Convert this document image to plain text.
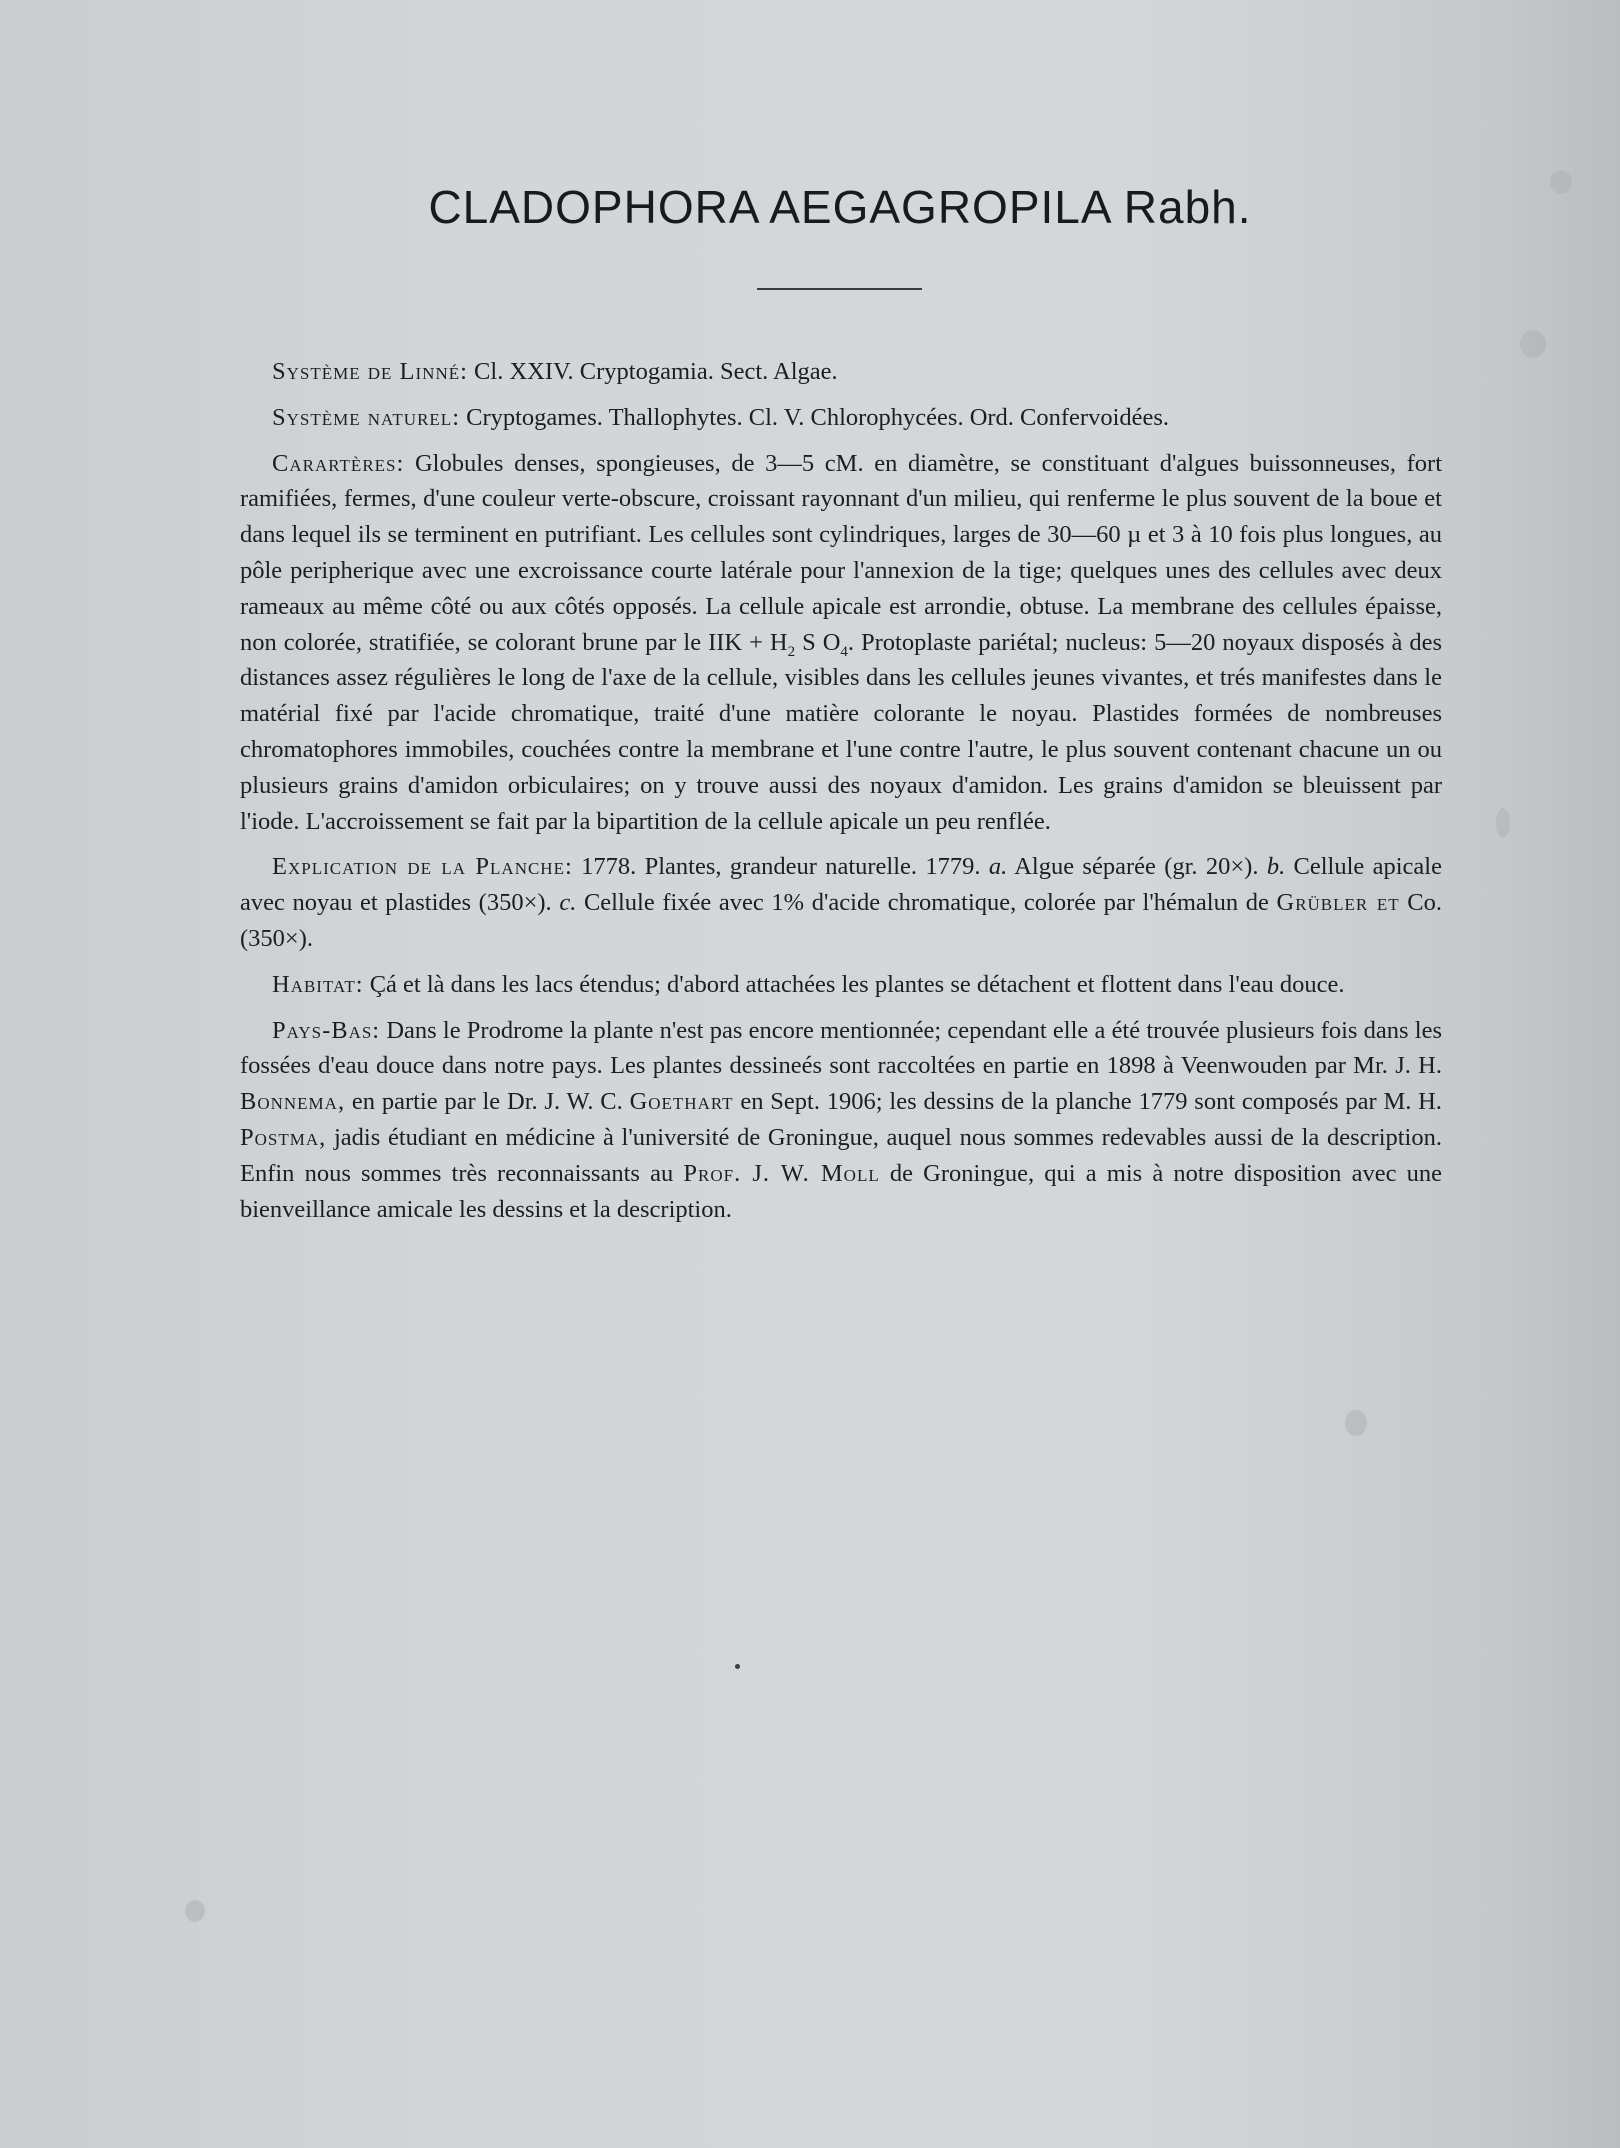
CLADOPHORA AEGAGROPILA Rabh.

Système de Linné: Cl. XXIV. Cryptogamia. Sect. Algae.

Système naturel: Cryptogames. Thallophytes. Cl. V. Chlorophycées. Ord. Confervoidées.

Carartères: Globules denses, spongieuses, de 3—5 cM. en diamètre, se constituant d'algues buissonneuses, fort ramifiées, fermes, d'une couleur verte-obscure, croissant rayonnant d'un milieu, qui renferme le plus souvent de la boue et dans lequel ils se terminent en putrifiant. Les cellules sont cylindriques, larges de 30—60 µ et 3 à 10 fois plus longues, au pôle peripherique avec une excroissance courte latérale pour l'annexion de la tige; quelques unes des cellules avec deux rameaux au même côté ou aux côtés opposés. La cellule apicale est arrondie, obtuse. La membrane des cellules épaisse, non colorée, stratifiée, se colorant brune par le IIK + $H_2$ S $O_4$. Protoplaste pariétal; nucleus: 5—20 noyaux disposés à des distances assez régulières le long de l'axe de la cellule, visibles dans les cellules jeunes vivantes, et trés manifestes dans le matérial fixé par l'acide chromatique, traité d'une matière colorante le noyau. Plastides formées de nombreuses chromatophores immobiles, couchées contre la membrane et l'une contre l'autre, le plus souvent contenant chacune un ou plusieurs grains d'amidon orbiculaires; on y trouve aussi des noyaux d'amidon. Les grains d'amidon se bleuissent par l'iode. L'accroissement se fait par la bipartition de la cellule apicale un peu renflée.

Explication de la Planche: 1778. Plantes, grandeur naturelle. 1779. a. Algue séparée (gr. 20×). b. Cellule apicale avec noyau et plastides (350×). c. Cellule fixée avec 1% d'acide chromatique, colorée par l'hémalun de Grübler et Co. (350×).

Habitat: Çá et là dans les lacs étendus; d'abord attachées les plantes se détachent et flottent dans l'eau douce.

Pays-Bas: Dans le Prodrome la plante n'est pas encore mentionnée; cependant elle a été trouvée plusieurs fois dans les fossées d'eau douce dans notre pays. Les plantes dessineés sont raccoltées en partie en 1898 à Veenwouden par Mr. J. H. Bonnema, en partie par le Dr. J. W. C. Goethart en Sept. 1906; les dessins de la planche 1779 sont composés par M. H. Postma, jadis étudiant en médicine à l'université de Groningue, auquel nous sommes redevables aussi de la description. Enfin nous sommes très reconnaissants au Prof. J. W. Moll de Groningue, qui a mis à notre disposition avec une bienveillance amicale les dessins et la description.
